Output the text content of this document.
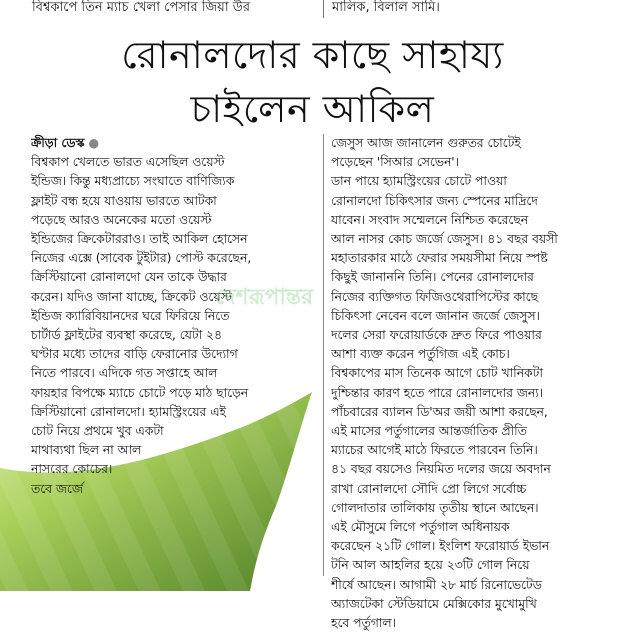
বিশ্বকাপে তিন ম্যাচ খেলা পেসার জিয়া উর	মালিক, বিলাল সামি।
রোনালদোর কাছে সাহায্য
চাইলেন আকিল
ক্রীড়া ডেস্ক ●
বিশ্বকাপ খেলতে ভারত এসেছিল ওয়েস্ট
ইন্ডিজ। কিন্তু মধ্যপ্রাচ্যে সংঘাতে বাণিজ্যিক
ফ্লাইট বন্ধ হয়ে যাওয়ায় ভারতে আটকা
পড়েছে আরও অনেকের মতো ওয়েস্ট
ইন্ডিজের ক্রিকেটাররাও। তাই আকিল হোসেন
নিজের এক্সে (সাবেক টুইটার) পোস্ট করেছেন,
ক্রিস্টিয়ানো রোনালদো যেন তাকে উদ্ধার
করেন। যদিও জানা যাচ্ছে, ক্রিকেট ওয়েস্ট
ইন্ডিজ ক্যারিবিয়ানদের ঘরে ফিরিয়ে নিতে
চার্টার্ড ফ্লাইটের ব্যবস্থা করেছে, যেটা ২৪
ঘণ্টার মধ্যে তাদের বাড়ি ফেরানোর উদ্যোগ
নিতে পারবে। এদিকে গত সপ্তাহে আল
ফায়হার বিপক্ষে ম্যাচে চোটে পড়ে মাঠ ছাড়েন
ক্রিস্টিয়ানো রোনালদো। হ্যামস্ট্রিংয়ের এই
চোট নিয়ে প্রথমে খুব একটা
মাথাব্যথা ছিল না আল
নাসরের কোচের।
তবে জর্জে
জেসুস আজ জানালেন গুরুতর চোটেই
পড়েছেন 'সিআর সেভেন'।
ডান পায়ে হ্যামস্ট্রিংয়ের চোটে পাওয়া
রোনালদো চিকিৎসার জন্য স্পেনের মাদ্রিদে
যাবেন। সংবাদ সম্মেলনে নিশ্চিত করেছেন
আল নাসর কোচ জর্জে জেসুস। ৪১ বছর বয়সী
মহাতারকার মাঠে ফেরার সময়সীমা নিয়ে স্পষ্ট
কিছুই জানাননি তিনি। পেনের রোনালদোর
নিজের ব্যক্তিগত ফিজিওথেরাপিস্টের কাছে
চিকিৎসা নেবেন বলে জানান জর্জে জেসুস।
দলের সেরা ফরোয়ার্ডকে দ্রুত ফিরে পাওয়ার
আশা ব্যক্ত করেন পর্তুগিজ এই কোচ।
বিশ্বকাপের মাস তিনেক আগে চোট খানিকটা
দুশ্চিন্তার কারণ হতে পারে রোনালদোর জন্য।
পাঁচবারের ব্যালন ডি'অর জয়ী আশা করছেন,
এই মাসের পর্তুগালের আন্তর্জাতিক প্রীতি
ম্যাচের আগেই মাঠে ফিরতে পারবেন তিনি।
৪১ বছর বয়সেও নিয়মিত দলের জয়ে অবদান
রাখা রোনালদো সৌদি প্রো লিগে সর্বোচ্চ
গোলদাতার তালিকায় তৃতীয় স্থানে আছেন।
এই মৌসুমে লিগে পর্তুগাল অধিনায়ক
করেছেন ২১টি গোল। ইংলিশ ফরোয়ার্ড ইভান
টনি আল আহলির হয়ে ২৩টি গোল নিয়ে
শীর্ষে আছেন। আগামী ২৮ মার্চ রিনোভেটেড
অ্যাজটেকা স্টেডিয়ামে মেক্সিকোর মুখোমুখি
হবে পর্তুগাল।
দেশরূপান্তর
